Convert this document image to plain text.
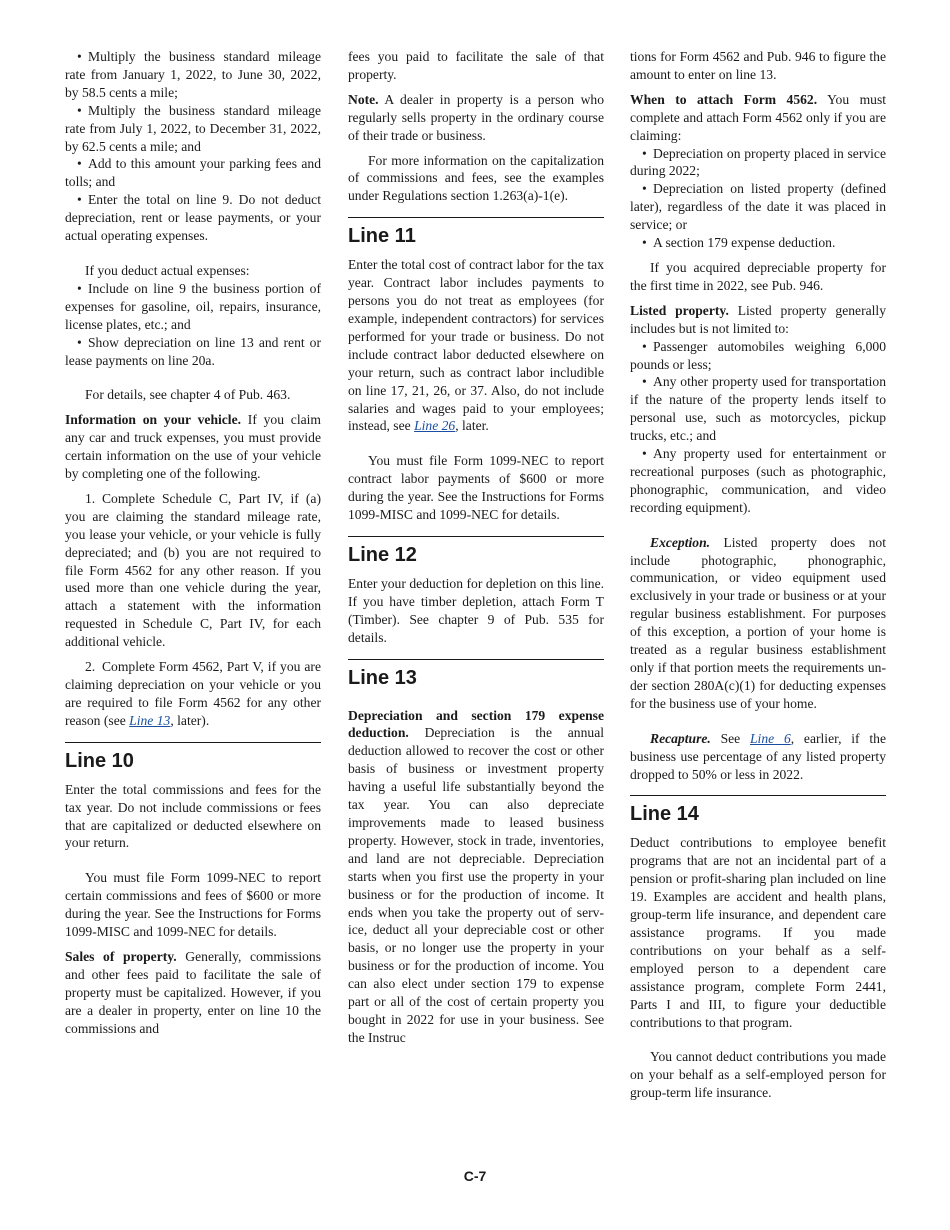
• Multiply the business standard mileage rate from January 1, 2022, to June 30, 2022, by 58.5 cents a mile;

• Multiply the business standard mileage rate from July 1, 2022, to December 31, 2022, by 62.5 cents a mile; and

• Add to this amount your parking fees and tolls; and

• Enter the total on line 9. Do not deduct depreciation, rent or lease payments, or your actual operating expenses.

If you deduct actual expenses:

• Include on line 9 the business portion of expenses for gasoline, oil, repairs, insurance, license plates, etc.; and

• Show depreciation on line 13 and rent or lease payments on line 20a.

For details, see chapter 4 of Pub. 463.

Information on your vehicle. If you claim any car and truck expenses, you must provide certain information on the use of your vehicle by completing one of the following.

1. Complete Schedule C, Part IV, if (a) you are claiming the standard mileage rate, you lease your vehicle, or your vehicle is fully depreciated; and (b) you are not required to file Form 4562 for any other reason. If you used more than one vehicle during the year, attach a statement with the information requested in Schedule C, Part IV, for each additional vehicle.

2. Complete Form 4562, Part V, if you are claiming depreciation on your vehicle or you are required to file Form 4562 for any other reason (see Line 13, later).

Line 10

Enter the total commissions and fees for the tax year. Do not include commissions or fees that are capitalized or deducted elsewhere on your return.

You must file Form 1099-NEC to report certain commissions and fees of $600 or more during the year. See the Instructions for Forms 1099-MISC and 1099-NEC for details.

Sales of property. Generally, commissions and other fees paid to facilitate the sale of property must be capitalized. However, if you are a dealer in property, enter on line 10 the commissions and

fees you paid to facilitate the sale of that property.

Note. A dealer in property is a person who regularly sells property in the ordinary course of their trade or business.

For more information on the capitalization of commissions and fees, see the examples under Regulations section 1.263(a)-1(e).

Line 11

Enter the total cost of contract labor for the tax year. Contract labor includes payments to persons you do not treat as employees (for example, independent contractors) for services performed for your trade or business. Do not include contract labor deducted elsewhere on your return, such as contract labor includible on line 17, 21, 26, or 37. Also, do not include salaries and wages paid to your employees; instead, see Line 26, later.

You must file Form 1099-NEC to report contract labor payments of $600 or more during the year. See the Instructions for Forms 1099-MISC and 1099-NEC for details.

Line 12

Enter your deduction for depletion on this line. If you have timber depletion, attach Form T (Timber). See chapter 9 of Pub. 535 for details.

Line 13

Depreciation and section 179 expense deduction. Depreciation is the annual deduction allowed to recover the cost or other basis of business or investment property having a useful life substantially beyond the tax year. You can also depreciate improvements made to leased business property. However, stock in trade, inventories, and land are not depreciable. Depreciation starts when you first use the property in your business or for the production of income. It ends when you take the property out of service, deduct all your depreciable cost or other basis, or no longer use the property in your business or for the production of income. You can also elect under section 179 to expense part or all of the cost of certain property you bought in 2022 for use in your business. See the Instruc

tions for Form 4562 and Pub. 946 to figure the amount to enter on line 13.

When to attach Form 4562. You must complete and attach Form 4562 only if you are claiming:

• Depreciation on property placed in service during 2022;

• Depreciation on listed property (defined later), regardless of the date it was placed in service; or

• A section 179 expense deduction.

If you acquired depreciable property for the first time in 2022, see Pub. 946.

Listed property. Listed property generally includes but is not limited to:

• Passenger automobiles weighing 6,000 pounds or less;

• Any other property used for transportation if the nature of the property lends itself to personal use, such as motorcycles, pickup trucks, etc.; and

• Any property used for entertainment or recreational purposes (such as photographic, phonographic, communication, and video recording equipment).

Exception. Listed property does not include photographic, phonographic, communication, or video equipment used exclusively in your trade or business or at your regular business establishment. For purposes of this exception, a portion of your home is treated as a regular business establishment only if that portion meets the requirements under section 280A(c)(1) for deducting expenses for the business use of your home.

Recapture. See Line 6, earlier, if the business use percentage of any listed property dropped to 50% or less in 2022.

Line 14

Deduct contributions to employee benefit programs that are not an incidental part of a pension or profit-sharing plan included on line 19. Examples are accident and health plans, group-term life insurance, and dependent care assistance programs. If you made contributions on your behalf as a self-employed person to a dependent care assistance program, complete Form 2441, Parts I and III, to figure your deductible contributions to that program.

You cannot deduct contributions you made on your behalf as a self-employed person for group-term life insurance.

C-7
